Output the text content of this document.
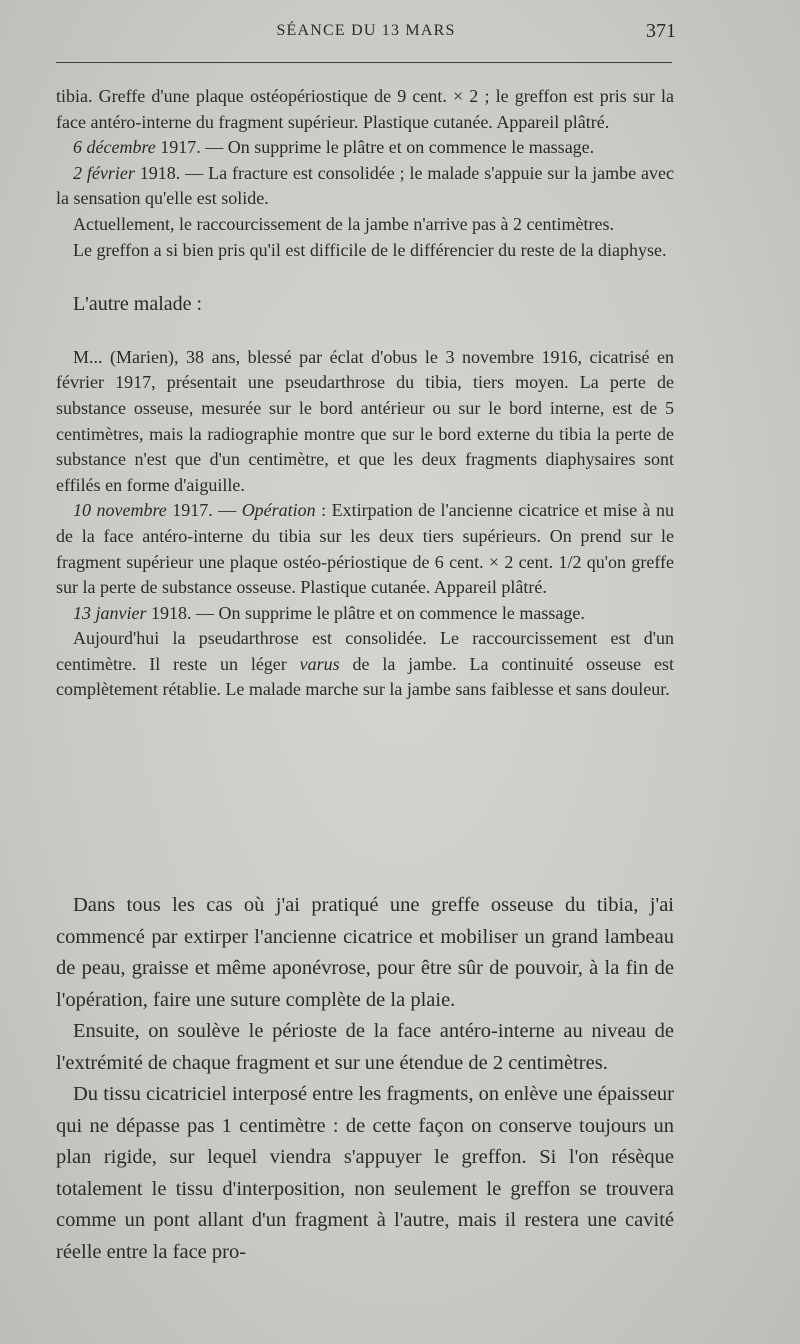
SÉANCE DU 13 MARS	371

tibia. Greffe d'une plaque ostéopériostique de 9 cent. × 2 ; le greffon est pris sur la face antéro-interne du fragment supérieur. Plastique cutanée. Appareil plâtré.

6 décembre 1917. — On supprime le plâtre et on commence le massage.

2 février 1918. — La fracture est consolidée ; le malade s'appuie sur la jambe avec la sensation qu'elle est solide.

Actuellement, le raccourcissement de la jambe n'arrive pas à 2 centimètres.

Le greffon a si bien pris qu'il est difficile de le différencier du reste de la diaphyse.

L'autre malade :

M... (Marien), 38 ans, blessé par éclat d'obus le 3 novembre 1916, cicatrisé en février 1917, présentait une pseudarthrose du tibia, tiers moyen. La perte de substance osseuse, mesurée sur le bord antérieur ou sur le bord interne, est de 5 centimètres, mais la radiographie montre que sur le bord externe du tibia la perte de substance n'est que d'un centimètre, et que les deux fragments diaphysaires sont effilés en forme d'aiguille.

10 novembre 1917. — Opération : Extirpation de l'ancienne cicatrice et mise à nu de la face antéro-interne du tibia sur les deux tiers supérieurs. On prend sur le fragment supérieur une plaque ostéo-périostique de 6 cent. × 2 cent. 1/2 qu'on greffe sur la perte de substance osseuse. Plastique cutanée. Appareil plâtré.

13 janvier 1918. — On supprime le plâtre et on commence le massage.

Aujourd'hui la pseudarthrose est consolidée. Le raccourcissement est d'un centimètre. Il reste un léger varus de la jambe. La continuité osseuse est complètement rétablie. Le malade marche sur la jambe sans faiblesse et sans douleur.

Dans tous les cas où j'ai pratiqué une greffe osseuse du tibia, j'ai commencé par extirper l'ancienne cicatrice et mobiliser un grand lambeau de peau, graisse et même aponévrose, pour être sûr de pouvoir, à la fin de l'opération, faire une suture complète de la plaie.

Ensuite, on soulève le périoste de la face antéro-interne au niveau de l'extrémité de chaque fragment et sur une étendue de 2 centimètres.

Du tissu cicatriciel interposé entre les fragments, on enlève une épaisseur qui ne dépasse pas 1 centimètre : de cette façon on conserve toujours un plan rigide, sur lequel viendra s'appuyer le greffon. Si l'on résèque totalement le tissu d'interposition, non seulement le greffon se trouvera comme un pont allant d'un fragment à l'autre, mais il restera une cavité réelle entre la face pro-
